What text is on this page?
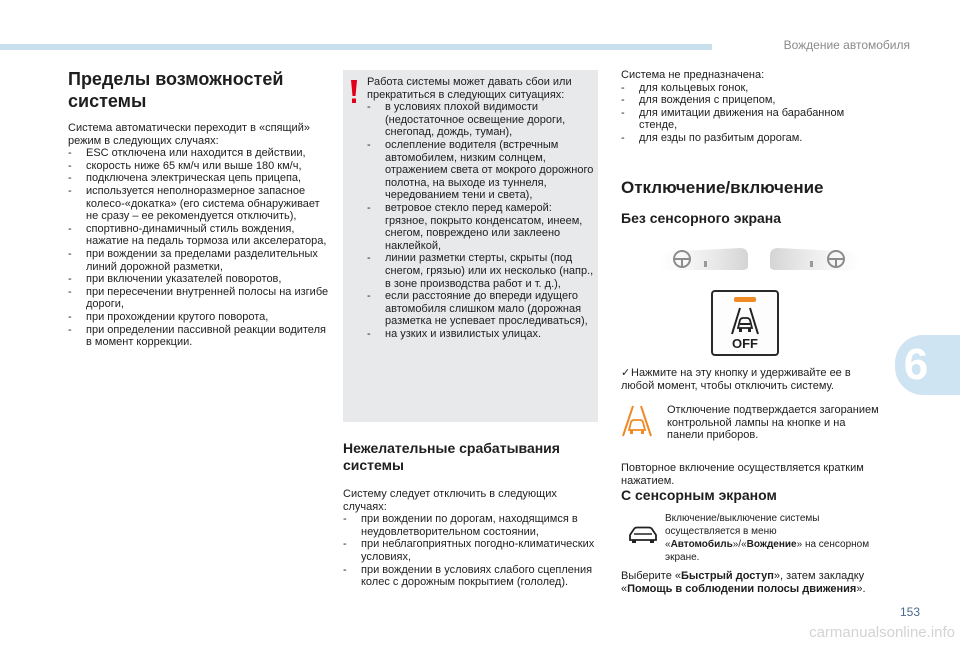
Вождение автомобиля
6
Пределы возможностей системы

Система автоматически переходит в «спящий» режим в следующих случаях:

- ESC отключена или находится в действии,
- скорость ниже 65 км/ч или выше 180 км/ч,
- подключена электрическая цепь прицепа,
- используется неполноразмерное запасное колесо-«докатка» (его система обнаруживает не сразу – ее рекомендуется отключить),
- спортивно-динамичный стиль вождения, нажатие на педаль тормоза или акселератора,
- при вождении за пределами разделительных линий дорожной разметки,
- при включении указателей поворотов,
- при пересечении внутренней полосы на изгибе дороги,
- при прохождении крутого поворота,
- при определении пассивной реакции водителя в момент коррекции.

Работа системы может давать сбои или прекратиться в следующих ситуациях:

- в условиях плохой видимости (недостаточное освещение дороги, снегопад, дождь, туман),
- ослепление водителя (встречным автомобилем, низким солнцем, отражением света от мокрого дорожного полотна, на выходе из туннеля, чередованием тени и света),
- ветровое стекло перед камерой: грязное, покрыто конденсатом, инеем, снегом, повреждено или заклеено наклейкой,
- линии разметки стерты, скрыты (под снегом, грязью) или их несколько (напр., в зоне производства работ и т. д.),
- если расстояние до впереди идущего автомобиля слишком мало (дорожная разметка не успевает проследиваться),
- на узких и извилистых улицах.
Нежелательные срабатывания системы

Систему следует отключить в следующих случаях:

- при вождении по дорогам, находящимся в неудовлетворительном состоянии,
- при неблагоприятных погодно-климатических условиях,
- при вождении в условиях слабого сцепления колес с дорожным покрытием (гололед).

Система не предназначена:

- для кольцевых гонок,
- для вождения с прицепом,
- для имитации движения на барабанном стенде,
- для езды по разбитым дорогам.
Отключение/включение
Без сенсорного экрана
OFF
✓Нажмите на эту кнопку и удерживайте ее в любой момент, чтобы отключить систему.
Отключение подтверждается загоранием контрольной лампы на кнопке и на панели приборов.
Повторное включение осуществляется кратким нажатием.
С сенсорным экраном
Включение/выключение системы осуществляется в меню «Автомобиль»/«Вождение» на сенсорном экране.
Выберите «Быстрый доступ», затем закладку «Помощь в соблюдении полосы движения».
153
carmanualsonline.info
